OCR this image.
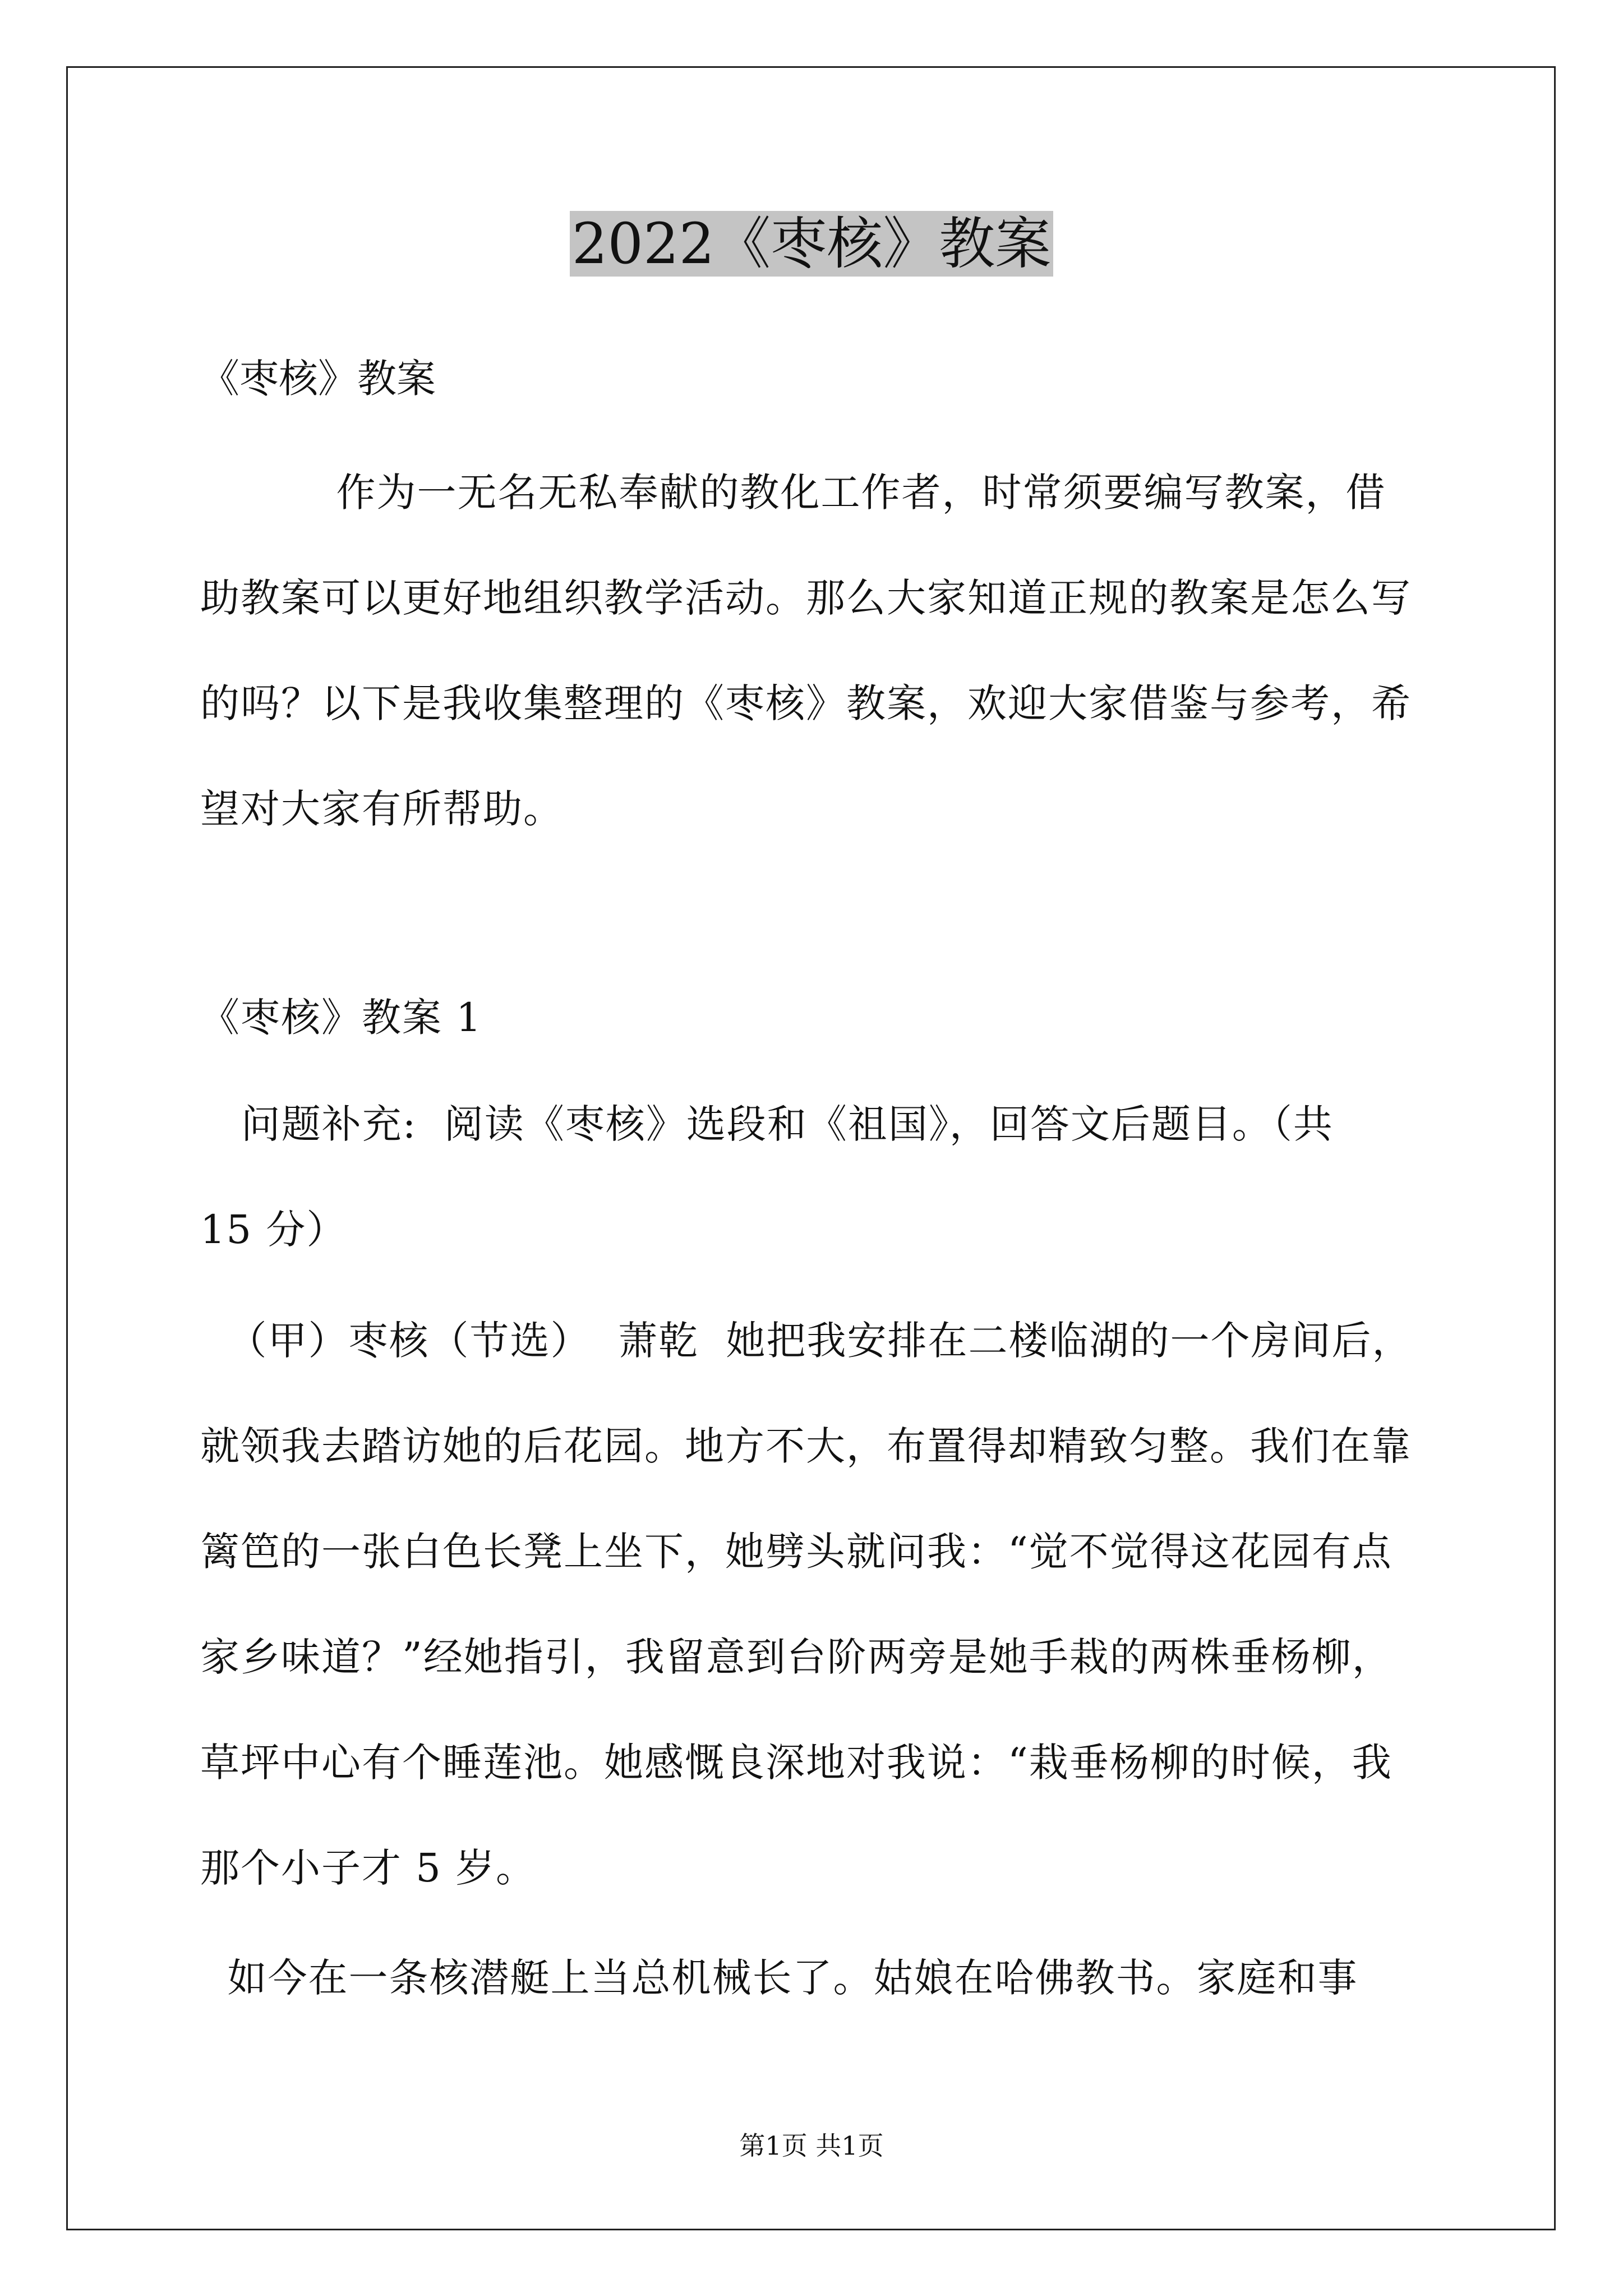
2022《枣核》教案

《枣核》教案

作为一无名无私奉献的教化工作者，时常须要编写教案，借

助教案可以更好地组织教学活动。那么大家知道正规的教案是怎么写

的吗？以下是我收集整理的《枣核》教案，欢迎大家借鉴与参考，希

望对大家有所帮助。

《枣核》教案 1

问题补充:  阅读《枣核》选段和《祖国》，回答文后题目。（共

15 分）

（甲）枣核（节选）  萧乾  她把我安排在二楼临湖的一个房间后，

就领我去踏访她的后花园。地方不大，布置得却精致匀整。我们在靠

篱笆的一张白色长凳上坐下，她劈头就问我：“觉不觉得这花园有点

家乡味道？”经她指引，我留意到台阶两旁是她手栽的两株垂杨柳，

草坪中心有个睡莲池。她感慨良深地对我说：“栽垂杨柳的时候，我

那个小子才 5 岁。

如今在一条核潜艇上当总机械长了。姑娘在哈佛教书。家庭和事

第1页 共1页
